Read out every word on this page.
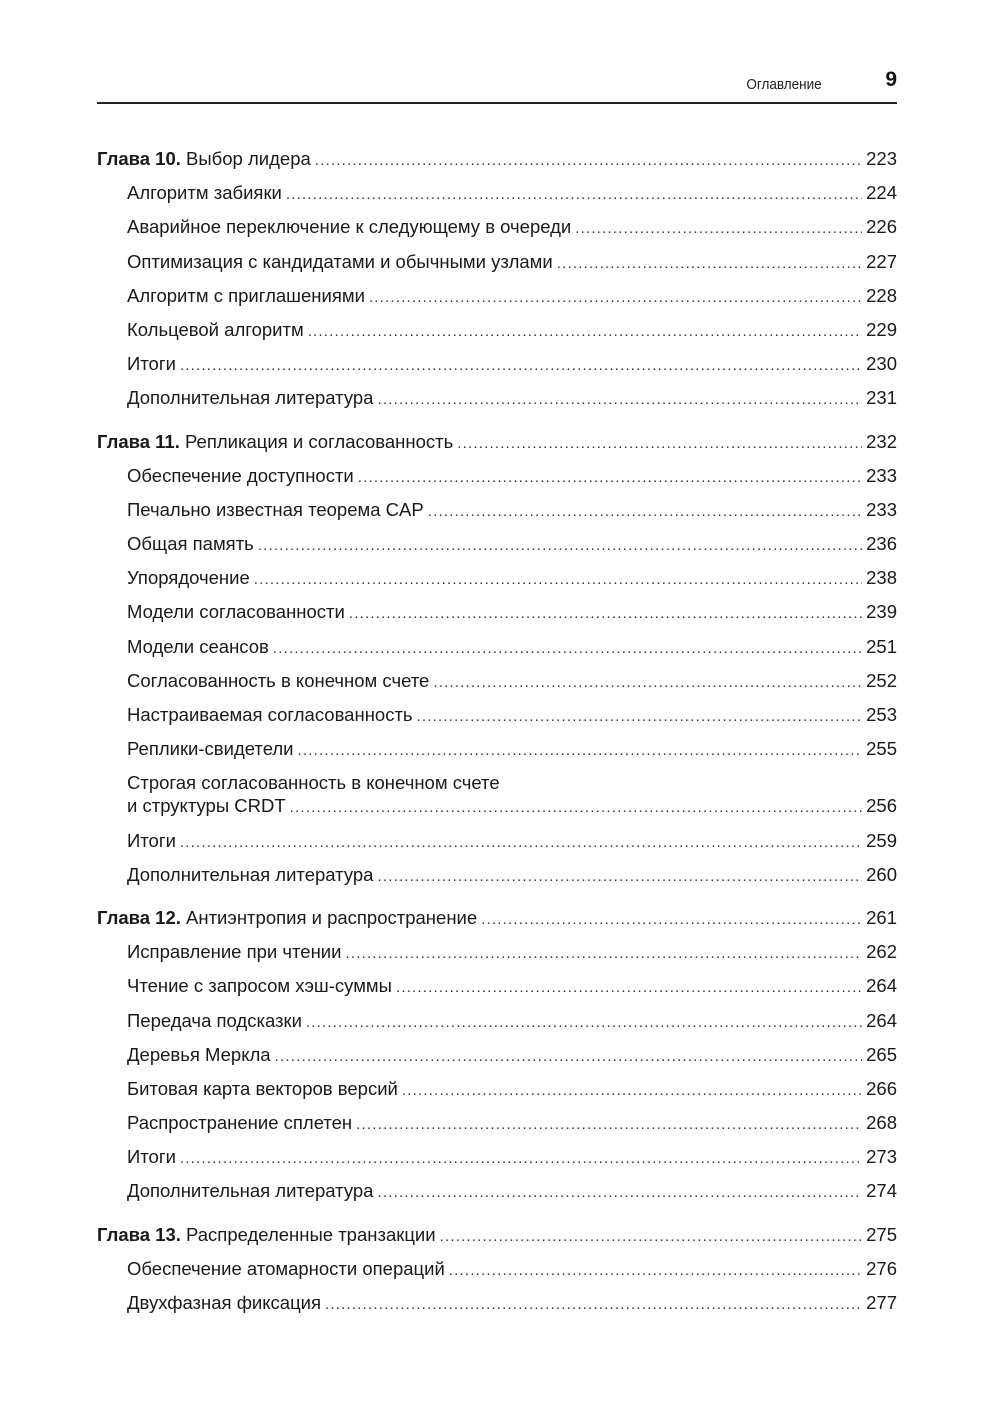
Оглавление	9
Глава 10. Выбор лидера .....	223
Алгоритм забияки .....	224
Аварийное переключение к следующему в очереди .....	226
Оптимизация с кандидатами и обычными узлами .....	227
Алгоритм с приглашениями .....	228
Кольцевой алгоритм .....	229
Итоги .....	230
Дополнительная литература .....	231
Глава 11. Репликация и согласованность .....	232
Обеспечение доступности .....	233
Печально известная теорема CAP .....	233
Общая память .....	236
Упорядочение .....	238
Модели согласованности .....	239
Модели сеансов .....	251
Согласованность в конечном счете .....	252
Настраиваемая согласованность .....	253
Реплики-свидетели .....	255
Строгая согласованность в конечном счете
и структуры CRDT .....	256
Итоги .....	259
Дополнительная литература .....	260
Глава 12. Антиэнтропия и распространение .....	261
Исправление при чтении .....	262
Чтение с запросом хэш-суммы .....	264
Передача подсказки .....	264
Деревья Меркла .....	265
Битовая карта векторов версий .....	266
Распространение сплетен .....	268
Итоги .....	273
Дополнительная литература .....	274
Глава 13. Распределенные транзакции .....	275
Обеспечение атомарности операций .....	276
Двухфазная фиксация .....	277
